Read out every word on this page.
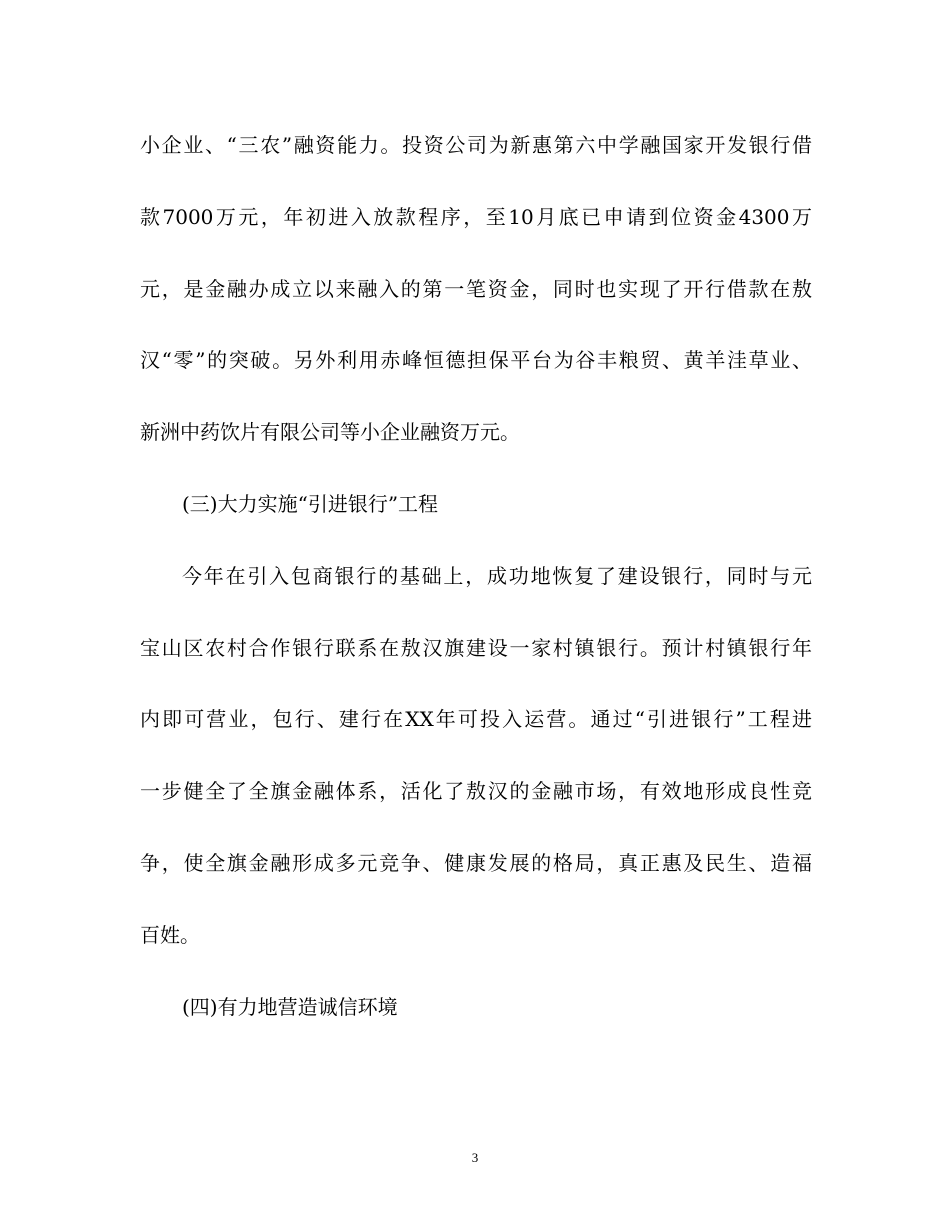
小企业、“三农”融资能力。投资公司为新惠第六中学融国家开发银行借
款7000万元，年初进入放款程序，至10月底已申请到位资金4300万
元，是金融办成立以来融入的第一笔资金，同时也实现了开行借款在敖
汉“零”的突破。另外利用赤峰恒德担保平台为谷丰粮贸、黄羊洼草业、
新洲中药饮片有限公司等小企业融资万元。
(三)大力实施“引进银行”工程
今年在引入包商银行的基础上，成功地恢复了建设银行，同时与元
宝山区农村合作银行联系在敖汉旗建设一家村镇银行。预计村镇银行年
内即可营业，包行、建行在XX年可投入运营。通过“引进银行”工程进
一步健全了全旗金融体系，活化了敖汉的金融市场，有效地形成良性竞
争，使全旗金融形成多元竞争、健康发展的格局，真正惠及民生、造福
百姓。
(四)有力地营造诚信环境
3
